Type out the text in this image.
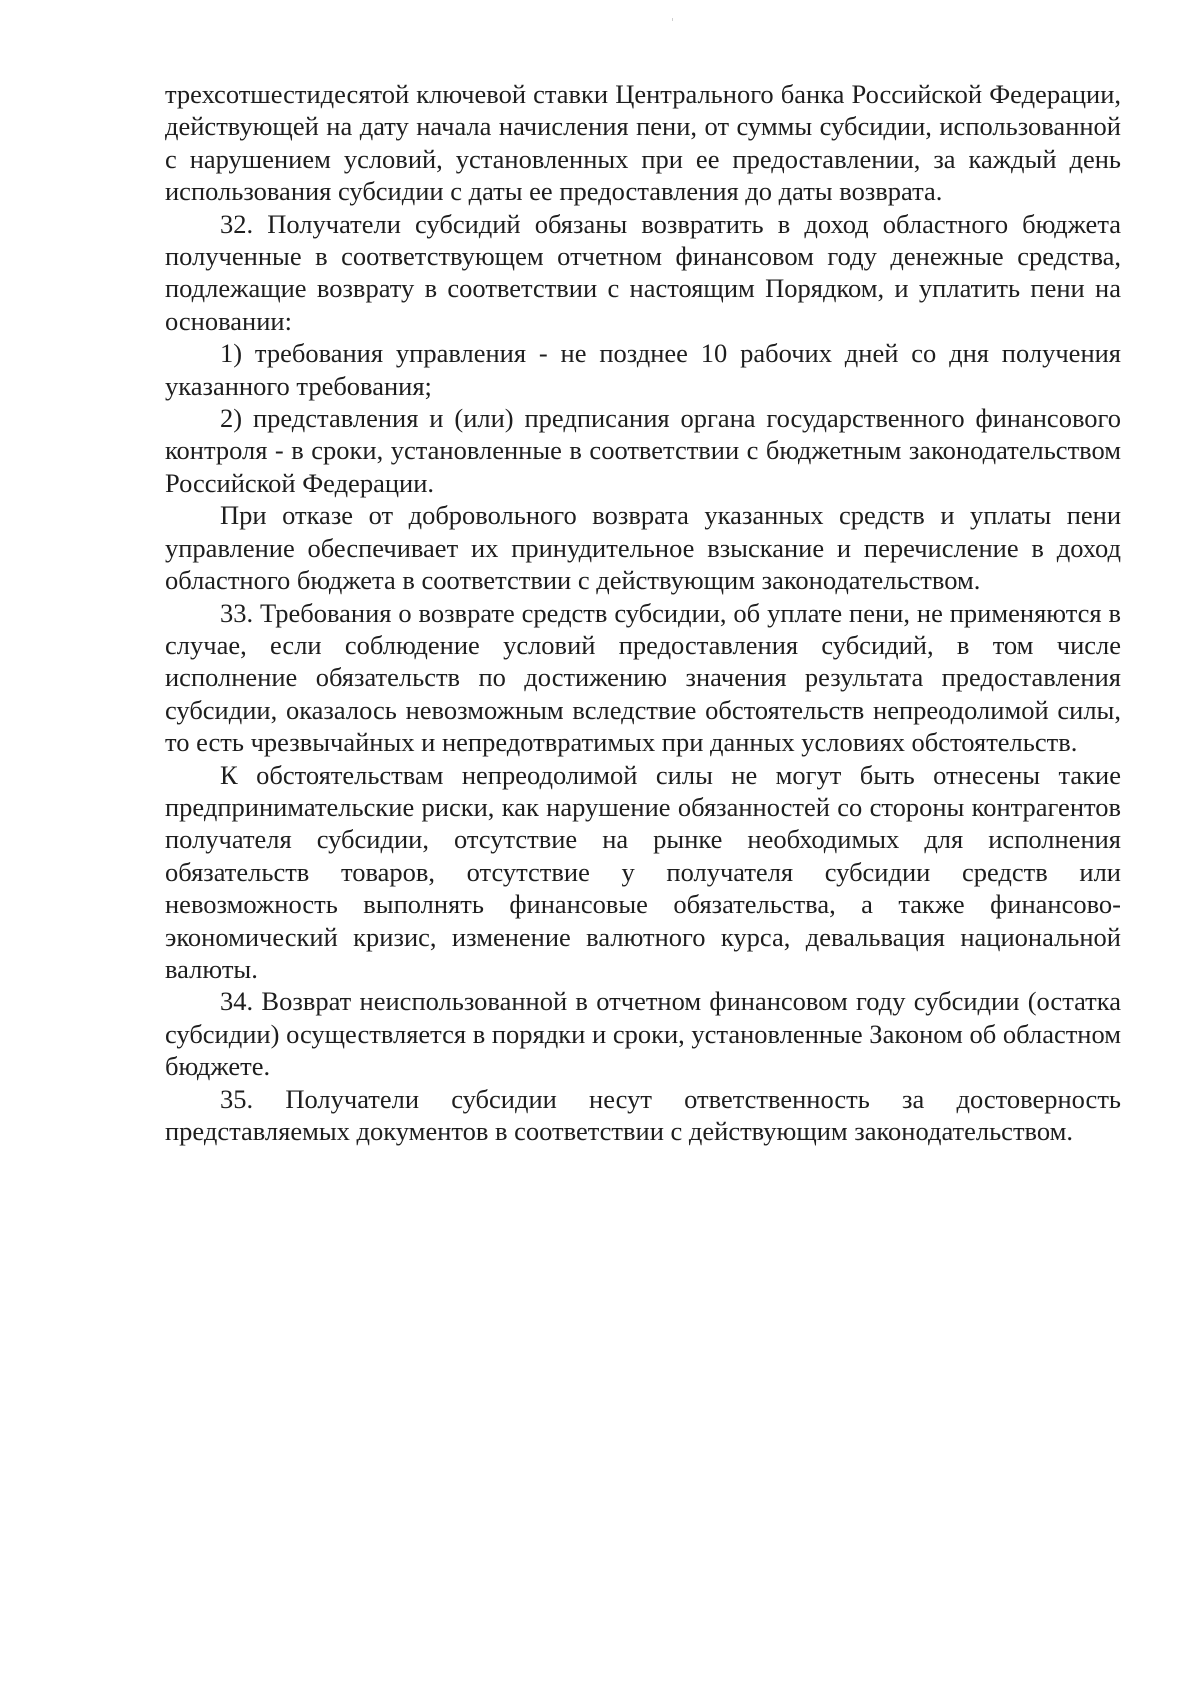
трехсотшестидесятой ключевой ставки Центрального банка Российской Федерации, действующей на дату начала начисления пени, от суммы субсидии, использованной с нарушением условий, установленных при ее предоставлении, за каждый день использования субсидии с даты ее предоставления до даты возврата.

32. Получатели субсидий обязаны возвратить в доход областного бюджета полученные в соответствующем отчетном финансовом году денежные средства, подлежащие возврату в соответствии с настоящим Порядком, и уплатить пени на основании:

1) требования управления - не позднее 10 рабочих дней со дня получения указанного требования;

2) представления и (или) предписания органа государственного финансового контроля - в сроки, установленные в соответствии с бюджетным законодательством Российской Федерации.

При отказе от добровольного возврата указанных средств и уплаты пени управление обеспечивает их принудительное взыскание и перечисление в доход областного бюджета в соответствии с действующим законодательством.

33. Требования о возврате средств субсидии, об уплате пени, не применяются в случае, если соблюдение условий предоставления субсидий, в том числе исполнение обязательств по достижению значения результата предоставления субсидии, оказалось невозможным вследствие обстоятельств непреодолимой силы, то есть чрезвычайных и непредотвратимых при данных условиях обстоятельств.

К обстоятельствам непреодолимой силы не могут быть отнесены такие предпринимательские риски, как нарушение обязанностей со стороны контрагентов получателя субсидии, отсутствие на рынке необходимых для исполнения обязательств товаров, отсутствие у получателя субсидии средств или невозможность выполнять финансовые обязательства, а также финансово-экономический кризис, изменение валютного курса, девальвация национальной валюты.

34. Возврат неиспользованной в отчетном финансовом году субсидии (остатка субсидии) осуществляется в порядки и сроки, установленные Законом об областном бюджете.

35. Получатели субсидии несут ответственность за достоверность представляемых документов в соответствии с действующим законодательством.
